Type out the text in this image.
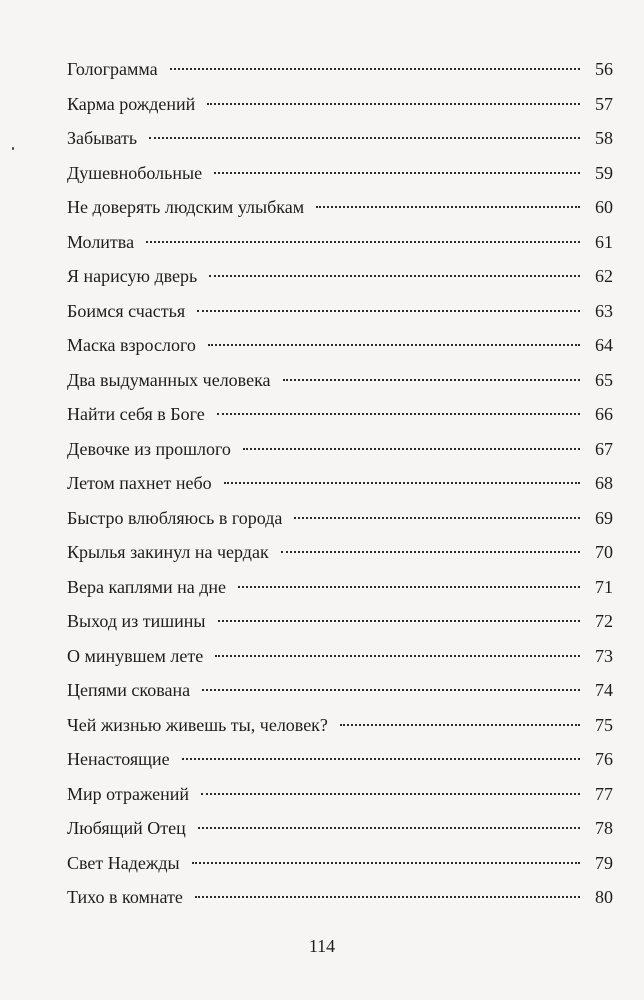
Голограмма	56
Карма рождений	57
Забывать	58
Душевнобольные	59
Не доверять людским улыбкам	60
Молитва	61
Я нарисую дверь	62
Боимся счастья	63
Маска взрослого	64
Два выдуманных человека	65
Найти себя в Боге	66
Девочке из прошлого	67
Летом пахнет небо	68
Быстро влюбляюсь в города	69
Крылья закинул на чердак	70
Вера каплями на дне	71
Выход из тишины	72
О минувшем лете	73
Цепями скована	74
Чей жизнью живешь ты, человек?	75
Ненастоящие	76
Мир отражений	77
Любящий Отец	78
Свет Надежды	79
Тихо в комнате	80
114
